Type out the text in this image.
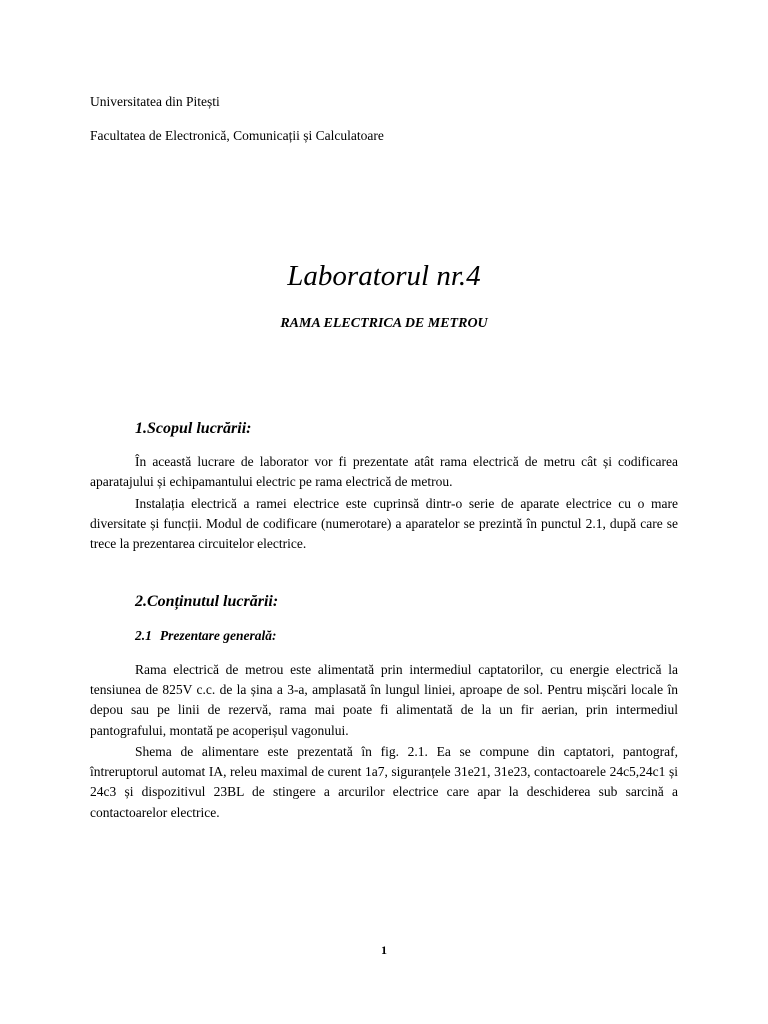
Universitatea din Pitești
Facultatea de Electronică, Comunicații și Calculatoare
Laboratorul nr.4
RAMA ELECTRICA DE METROU
1.Scopul lucrării:

În această lucrare de laborator vor fi prezentate atât rama electrică de metru cât și codificarea aparatajului și echipamantului electric pe rama electrică de metrou.

Instalația electrică a ramei electrice este cuprinsă dintr-o serie de aparate electrice cu o mare diversitate și funcții. Modul de codificare (numerotare) a aparatelor se prezintă în punctul 2.1, după care se trece la prezentarea circuitelor electrice.

2.Conținutul lucrării:
2.1 Prezentare generală:

Rama electrică de metrou este alimentată prin intermediul captatorilor, cu energie electrică la tensiunea de 825V c.c. de la șina a 3-a, amplasată în lungul liniei, aproape de sol. Pentru mișcări locale în depou sau pe linii de rezervă, rama mai poate fi alimentată de la un fir aerian, prin intermediul pantografului, montată pe acoperișul vagonului.

Shema de alimentare este prezentată în fig. 2.1. Ea se compune din captatori, pantograf, întreruptorul automat IA, releu maximal de curent 1a7, siguranțele 31e21, 31e23, contactoarele 24c5,24c1 și 24c3 și dispozitivul 23BL de stingere a arcurilor electrice care apar la deschiderea sub sarcină a contactoarelor electrice.

1
